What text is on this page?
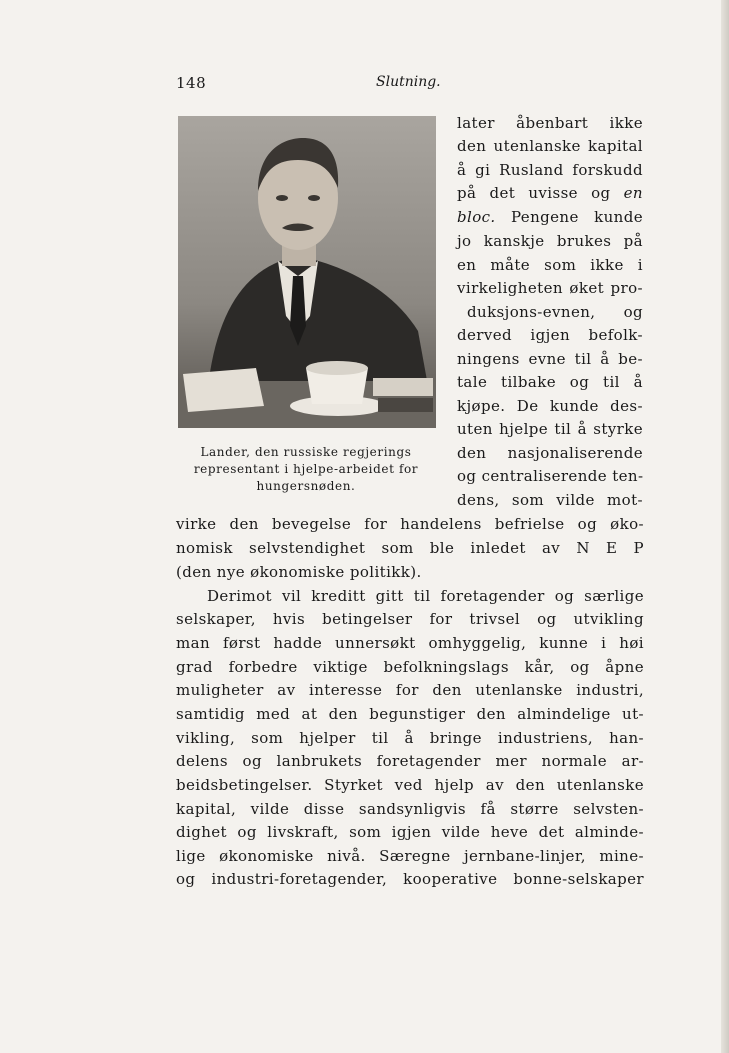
148	Slutning.
Lander, den russiske regjerings
representant i hjelpe-arbeidet for
hungersnøden.
later åbenbart ikke
den utenlanske kapital
å gi Rusland forskudd
på det uvisse og en
bloc. Pengene kunde
jo kanskje brukes på
en måte som ikke i
virkeligheten øket pro-
duksjons-evnen, og
derved igjen befolk-
ningens evne til å be-
tale tilbake og til å
kjøpe. De kunde des-
uten hjelpe til å styrke
den nasjonaliserende
og centraliserende ten-
dens, som vilde mot-
virke den bevegelse for handelens befrielse og øko-
nomisk selvstendighet som ble inledet av N E P
(den nye økonomiske politikk).
Derimot vil kreditt gitt til foretagender og særlige
selskaper, hvis betingelser for trivsel og utvikling
man først hadde unnersøkt omhyggelig, kunne i høi
grad forbedre viktige befolkningslags kår, og åpne
muligheter av interesse for den utenlanske industri,
samtidig med at den begunstiger den almindelige ut-
vikling, som hjelper til å bringe industriens, han-
delens og lanbrukets foretagender mer normale ar-
beidsbetingelser. Styrket ved hjelp av den utenlanske
kapital, vilde disse sandsynligvis få større selvsten-
dighet og livskraft, som igjen vilde heve det alminde-
lige økonomiske nivå. Særegne jernbane-linjer, mine-
og industri-foretagender, kooperative bonne-selskaper
